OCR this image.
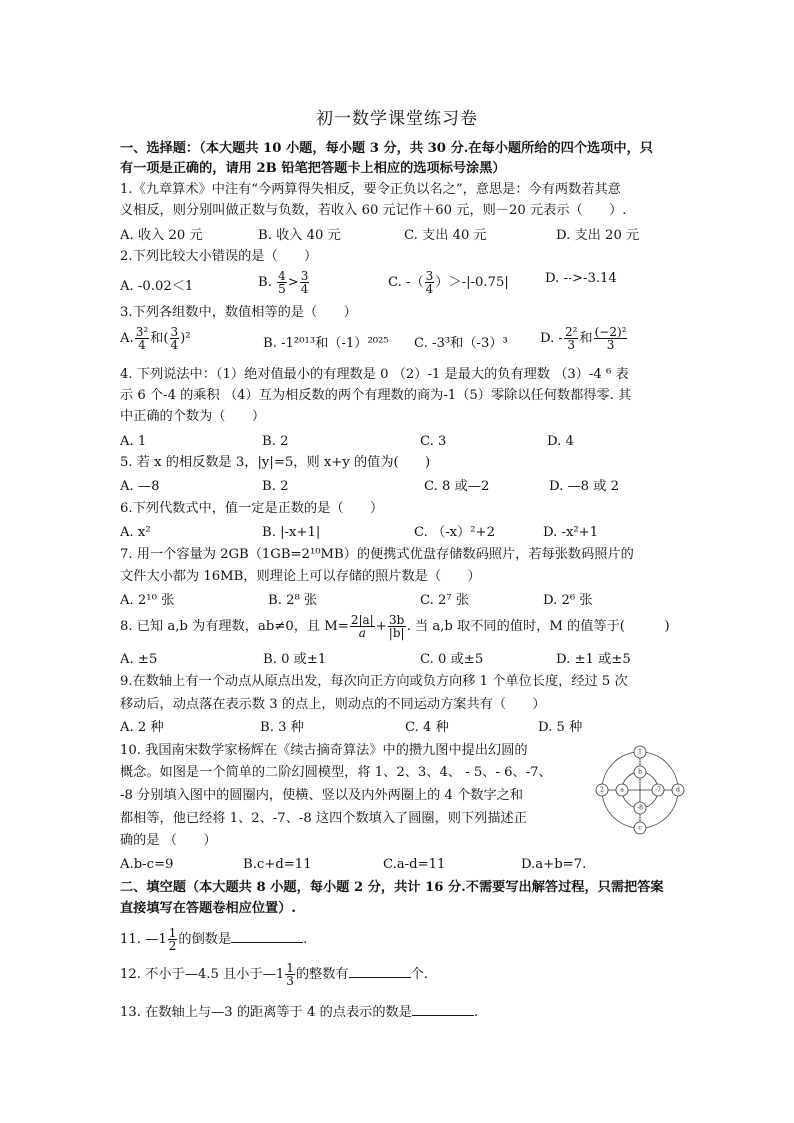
初一数学课堂练习卷
一、选择题：（本大题共 10 小题，每小题 3 分，共 30 分.在每小题所给的四个选项中，只
有一项是正确的，请用 2B 铅笔把答题卡上相应的选项标号涂黑）
1.《九章算术》中注有“今两算得失相反，要令正负以名之”，意思是：今有两数若其意
义相反，则分别叫做正数与负数，若收入 60 元记作＋60 元，则－20 元表示（　　）.
A. 收入 20 元	B. 收入 40 元	C. 支出 40 元	D. 支出 20 元
2.下列比较大小错误的是（　　）
A. -0.02＜1	B. $\frac{4}{5} > \frac{3}{4}$	C. -（ $\frac{3}{4} )>-|-0.75|$	D. - >-3.14
3.下列各组数中，数值相等的是（　　）
A. $\frac{\text{3²}}{4}$ 和( $\frac{3}{4} )^2$	B. -1²⁰¹³和（-1）²⁰²⁵ C. -3³和（-3）³ D. - $\frac{\text{2²}}{3}$ 和 $\frac{\text{(−2)²}}{3}$
4. 下列说法中：（1）绝对值最小的有理数是 0 （2）-1 是最大的负有理数 （3）-4 ⁶ 表
示 6 个-4 的乘积 （4）互为相反数的两个有理数的商为-1（5）零除以任何数都得零. 其
中正确的个数为（　　）
A. 1	B. 2	C. 3	D. 4
5. 若 x 的相反数是 3，|y|=5，则 x+y 的值为(　　)
A. —8	B. 2	C. 8 或—2	D. —8 或 2
6.下列代数式中，值一定是正数的是（　　）
A. x²	B. |-x+1|	C. （-x）²+2	D. -x²+1
7. 用一个容量为 2GB（1GB=2¹⁰MB）的便携式优盘存储数码照片，若每张数码照片的
文件大小都为 16MB，则理论上可以存储的照片数是（　　）
A. 2¹⁰ 张	B. 2⁸ 张	C. 2⁷ 张	D. 2⁶ 张
8. 已知 a,b 为有理数，ab≠0，且 $M= \frac{2|a|}{a} + \frac{3b}{|b|}$ . 当 a,b 取不同的值时，M 的值等于(　　　)
A. ±5	B. 0 或±1	C. 0 或±5	D. ±1 或±5
9.在数轴上有一个动点从原点出发，每次向正方向或负方向移 1 个单位长度，经过 5 次
移动后，动点落在表示数 3 的点上，则动点的不同运动方案共有（　　）
A. 2 种	B. 3 种	C. 4 种	D. 5 种
10. 我国南宋数学家杨辉在《续古摘奇算法》中的攒九图中提出幻圆的
概念。如图是一个简单的二阶幻圆模型，将 1、2、3、4、 - 5、- 6、-7、
-8 分别填入图中的圆圈内，使横、竖以及内外两圈上的 4 个数字之和
都相等，他已经将 1、2、-7、-8 这四个数填入了圆圈，则下列描述正
确的是 （　　）
A.b-c=9	B.c+d=11	C.a-d=11	D.a+b=7.
1
c
2	d
a	-7
b
-8
二、填空题（本大题共 8 小题，每小题 2 分，共计 16 分.不需要写出解答过程，只需把答案
直接填写在答题卷相应位置）.
11. —1 $\frac{1}{2}$ 的倒数是	.
12. 不小于—4.5 且小于—1 $\frac{1}{3}$ 的整数有	个.
13. 在数轴上与—3 的距离等于 4 的点表示的数是	.
